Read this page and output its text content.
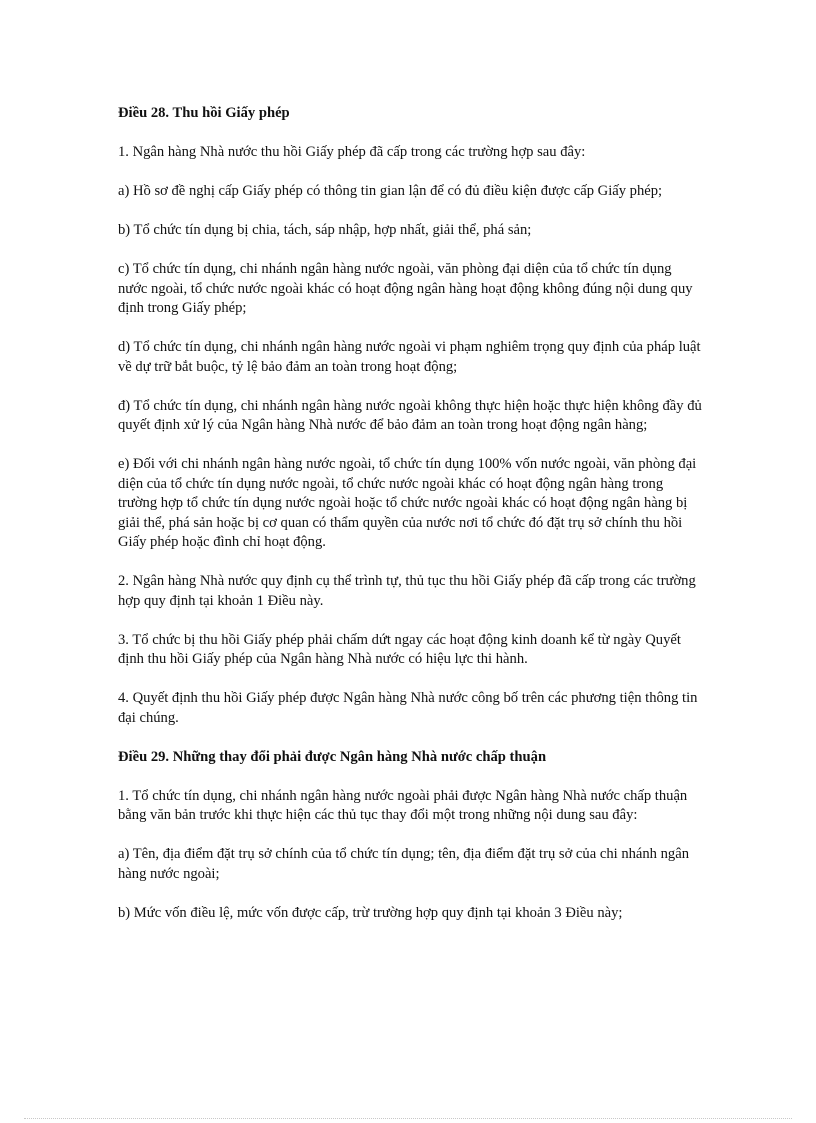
Điều 28. Thu hồi Giấy phép

1. Ngân hàng Nhà nước thu hồi Giấy phép đã cấp trong các trường hợp sau đây:

a) Hồ sơ đề nghị cấp Giấy phép có thông tin gian lận để có đủ điều kiện được cấp Giấy phép;

b) Tổ chức tín dụng bị chia, tách, sáp nhập, hợp nhất, giải thể, phá sản;

c) Tổ chức tín dụng, chi nhánh ngân hàng nước ngoài, văn phòng đại diện của tổ chức tín dụng nước ngoài, tổ chức nước ngoài khác có hoạt động ngân hàng hoạt động không đúng nội dung quy định trong Giấy phép;

d) Tổ chức tín dụng, chi nhánh ngân hàng nước ngoài vi phạm nghiêm trọng quy định của pháp luật về dự trữ bắt buộc, tỷ lệ bảo đảm an toàn trong hoạt động;

đ) Tổ chức tín dụng, chi nhánh ngân hàng nước ngoài không thực hiện hoặc thực hiện không đầy đủ quyết định xử lý của Ngân hàng Nhà nước để bảo đảm an toàn trong hoạt động ngân hàng;

e) Đối với chi nhánh ngân hàng nước ngoài, tổ chức tín dụng 100% vốn nước ngoài, văn phòng đại diện của tổ chức tín dụng nước ngoài, tổ chức nước ngoài khác có hoạt động ngân hàng trong trường hợp tổ chức tín dụng nước ngoài hoặc tổ chức nước ngoài khác có hoạt động ngân hàng bị giải thể, phá sản hoặc bị cơ quan có thẩm quyền của nước nơi tổ chức đó đặt trụ sở chính thu hồi Giấy phép hoặc đình chỉ hoạt động.

2. Ngân hàng Nhà nước quy định cụ thể trình tự, thủ tục thu hồi Giấy phép đã cấp trong các trường hợp quy định tại khoản 1 Điều này.

3. Tổ chức bị thu hồi Giấy phép phải chấm dứt ngay các hoạt động kinh doanh kể từ ngày Quyết định thu hồi Giấy phép của Ngân hàng Nhà nước có hiệu lực thi hành.

4. Quyết định thu hồi Giấy phép được Ngân hàng Nhà nước công bố trên các phương tiện thông tin đại chúng.

Điều 29. Những thay đổi phải được Ngân hàng Nhà nước chấp thuận

1. Tổ chức tín dụng, chi nhánh ngân hàng nước ngoài phải được Ngân hàng Nhà nước chấp thuận bằng văn bản trước khi thực hiện các thủ tục thay đổi một trong những nội dung sau đây:

a) Tên, địa điểm đặt trụ sở chính của tổ chức tín dụng; tên, địa điểm đặt trụ sở của chi nhánh ngân hàng nước ngoài;

b) Mức vốn điều lệ, mức vốn được cấp, trừ trường hợp quy định tại khoản 3 Điều này;
